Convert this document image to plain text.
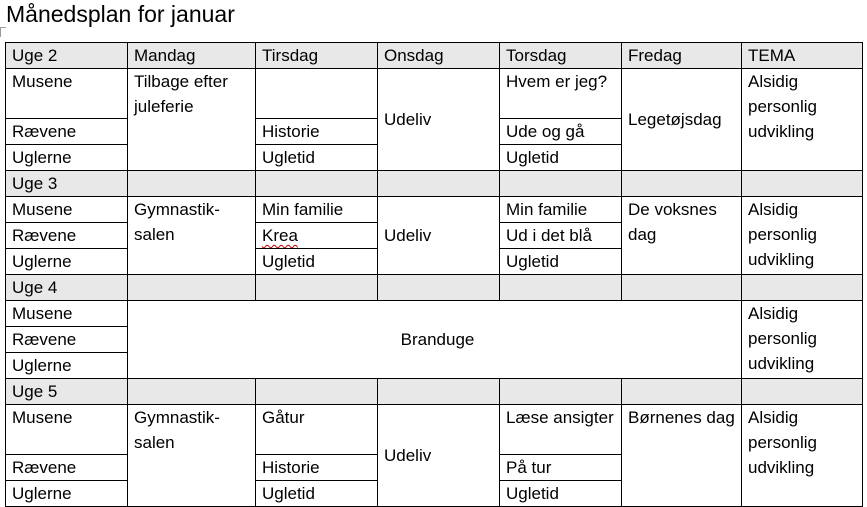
Månedsplan for januar
Uge 2	Mandag	Tirsdag	Onsdag	Torsdag	Fredag	TEMA
Musene	Tilbage efter juleferie		Udeliv	Hvem er jeg?	Legetøjsdag	Alsidig personlig udvikling
Rævene		Historie		Ude og gå		
Uglerne		Ugletid		Ugletid		
Uge 3						
Musene	Gymnastik-salen	Min familie	Udeliv	Min familie	De voksnes dag	Alsidig personlig udvikling
Rævene		Krea		Ud i det blå		
Uglerne		Ugletid		Ugletid		
Uge 4						
Musene	Branduge					Alsidig personlig udvikling
Rævene						
Uglerne						
Uge 5						
Musene	Gymnastik-salen	Gåtur	Udeliv	Læse ansigter	Børnenes dag	Alsidig personlig udvikling
Rævene		Historie		På tur		
Uglerne		Ugletid		Ugletid		
